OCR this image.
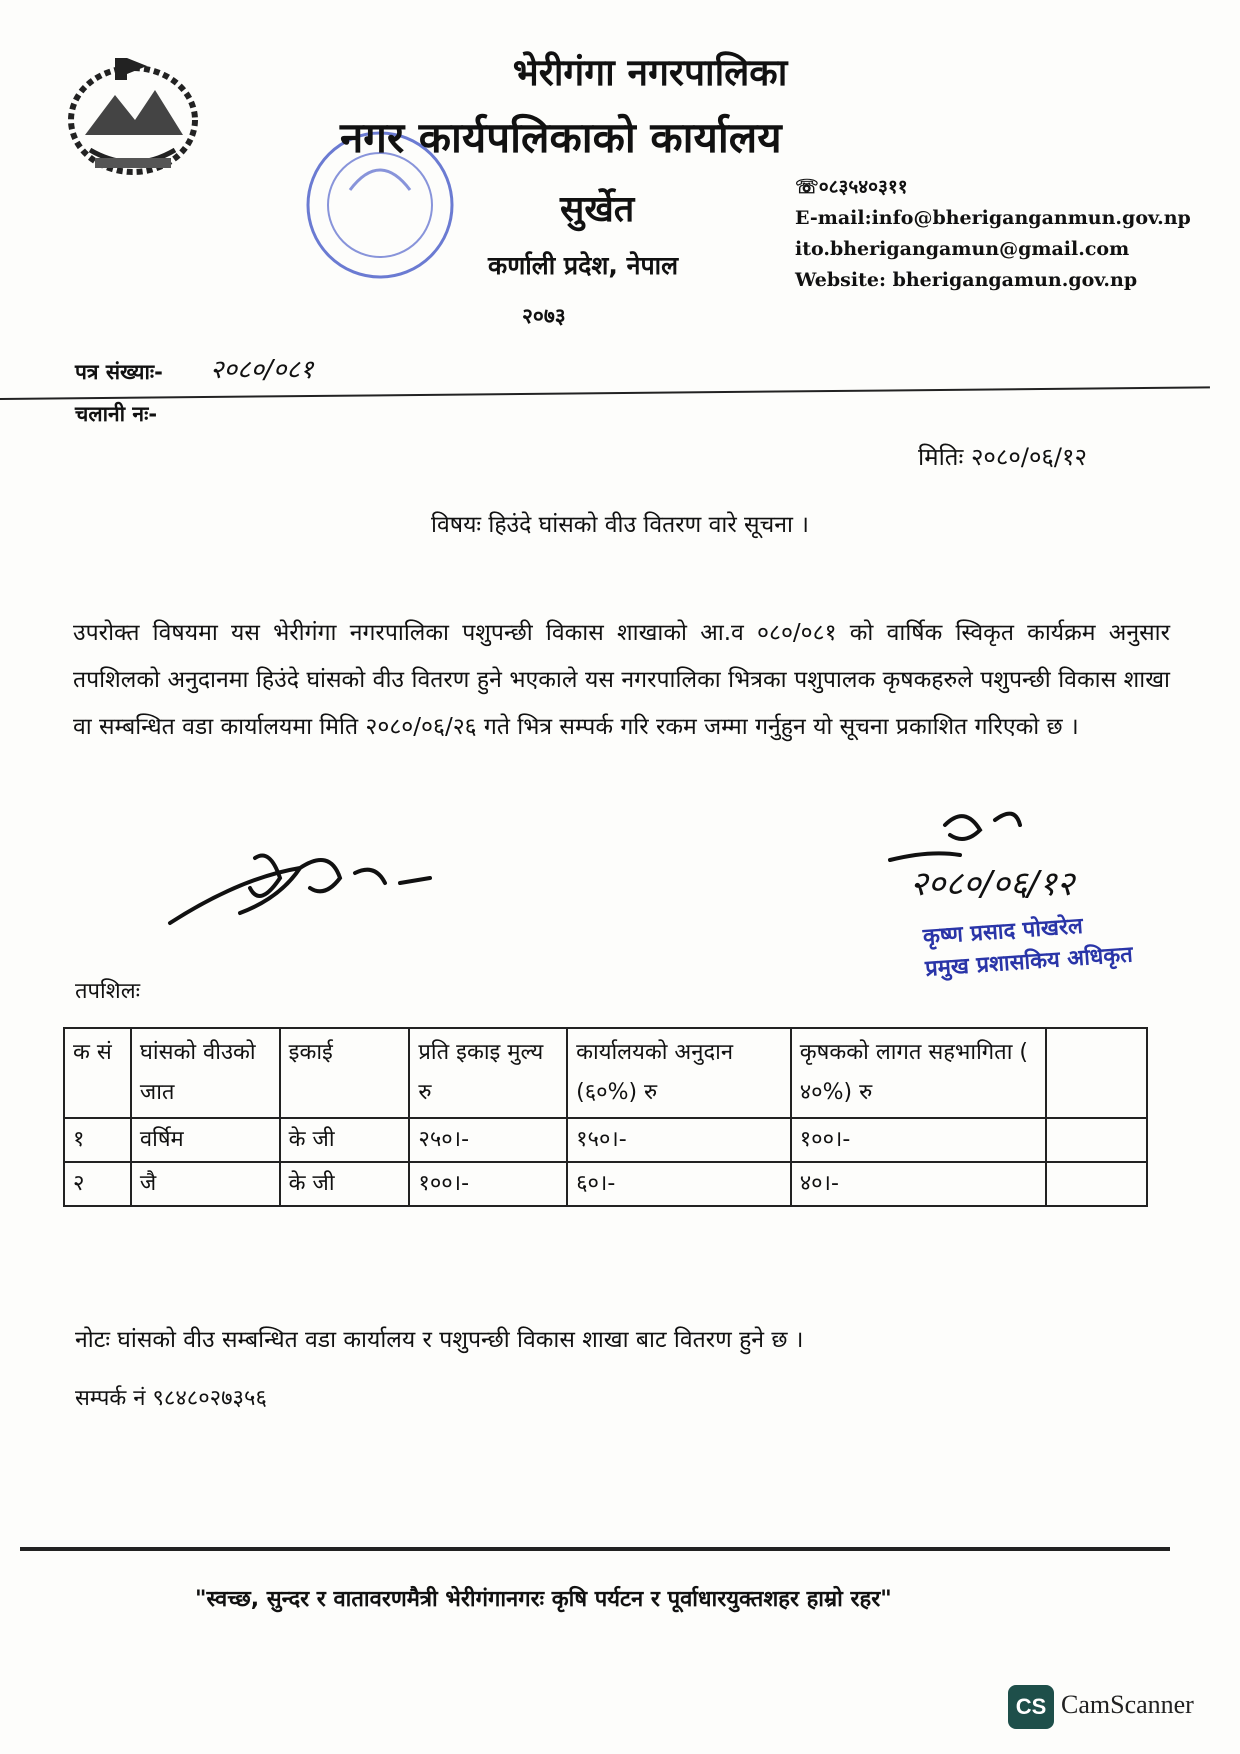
भेरीगंगा नगरपालिका
नगर कार्यपलिकाको कार्यालय
सुर्खेत
कर्णाली प्रदेश, नेपाल
२०७३
☏०८३५४०३११
E-mail:info@bheriganganmun.gov.np
ito.bherigangamun@gmail.com
Website: bherigangamun.gov.np
पत्र संख्याः- २०८०/०८१
चलानी नः-
मितिः २०८०/०६/१२
विषयः हिउंदे घांसको वीउ वितरण वारे सूचना ।
उपरोक्त विषयमा यस भेरीगंगा नगरपालिका पशुपन्छी विकास शाखाको आ.व ०८०/०८१ को वार्षिक स्विकृत कार्यक्रम अनुसार तपशिलको अनुदानमा हिउंदे घांसको वीउ वितरण हुने भएकाले यस नगरपालिका भित्रका पशुपालक कृषकहरुले पशुपन्छी विकास शाखा वा सम्बन्धित वडा कार्यालयमा मिति २०८०/०६/२६ गते भित्र सम्पर्क गरि रकम जम्मा गर्नुहुन यो सूचना प्रकाशित गरिएको छ ।
२०८०/०६/१२
कृष्ण प्रसाद पोखरेल
प्रमुख प्रशासकिय अधिकृत
तपशिलः
क सं	घांसको वीउको जात	इकाई	प्रति इकाइ मुल्य रु	कार्यालयको अनुदान (६०%) रु	कृषकको लागत सहभागिता ( ४०%) रु	
१	वर्षिम	के जी	२५०।-	१५०।-	१००।-	
२	जै	के जी	१००।-	६०।-	४०।-	
नोटः घांसको वीउ सम्बन्धित वडा कार्यालय र पशुपन्छी विकास शाखा बाट वितरण हुने छ ।
सम्पर्क नं ९८४८०२७३५६
"स्वच्छ, सुन्दर र वातावरणमैत्री भेरीगंगानगरः कृषि पर्यटन र पूर्वाधारयुक्तशहर हाम्रो रहर"
CS CamScanner
